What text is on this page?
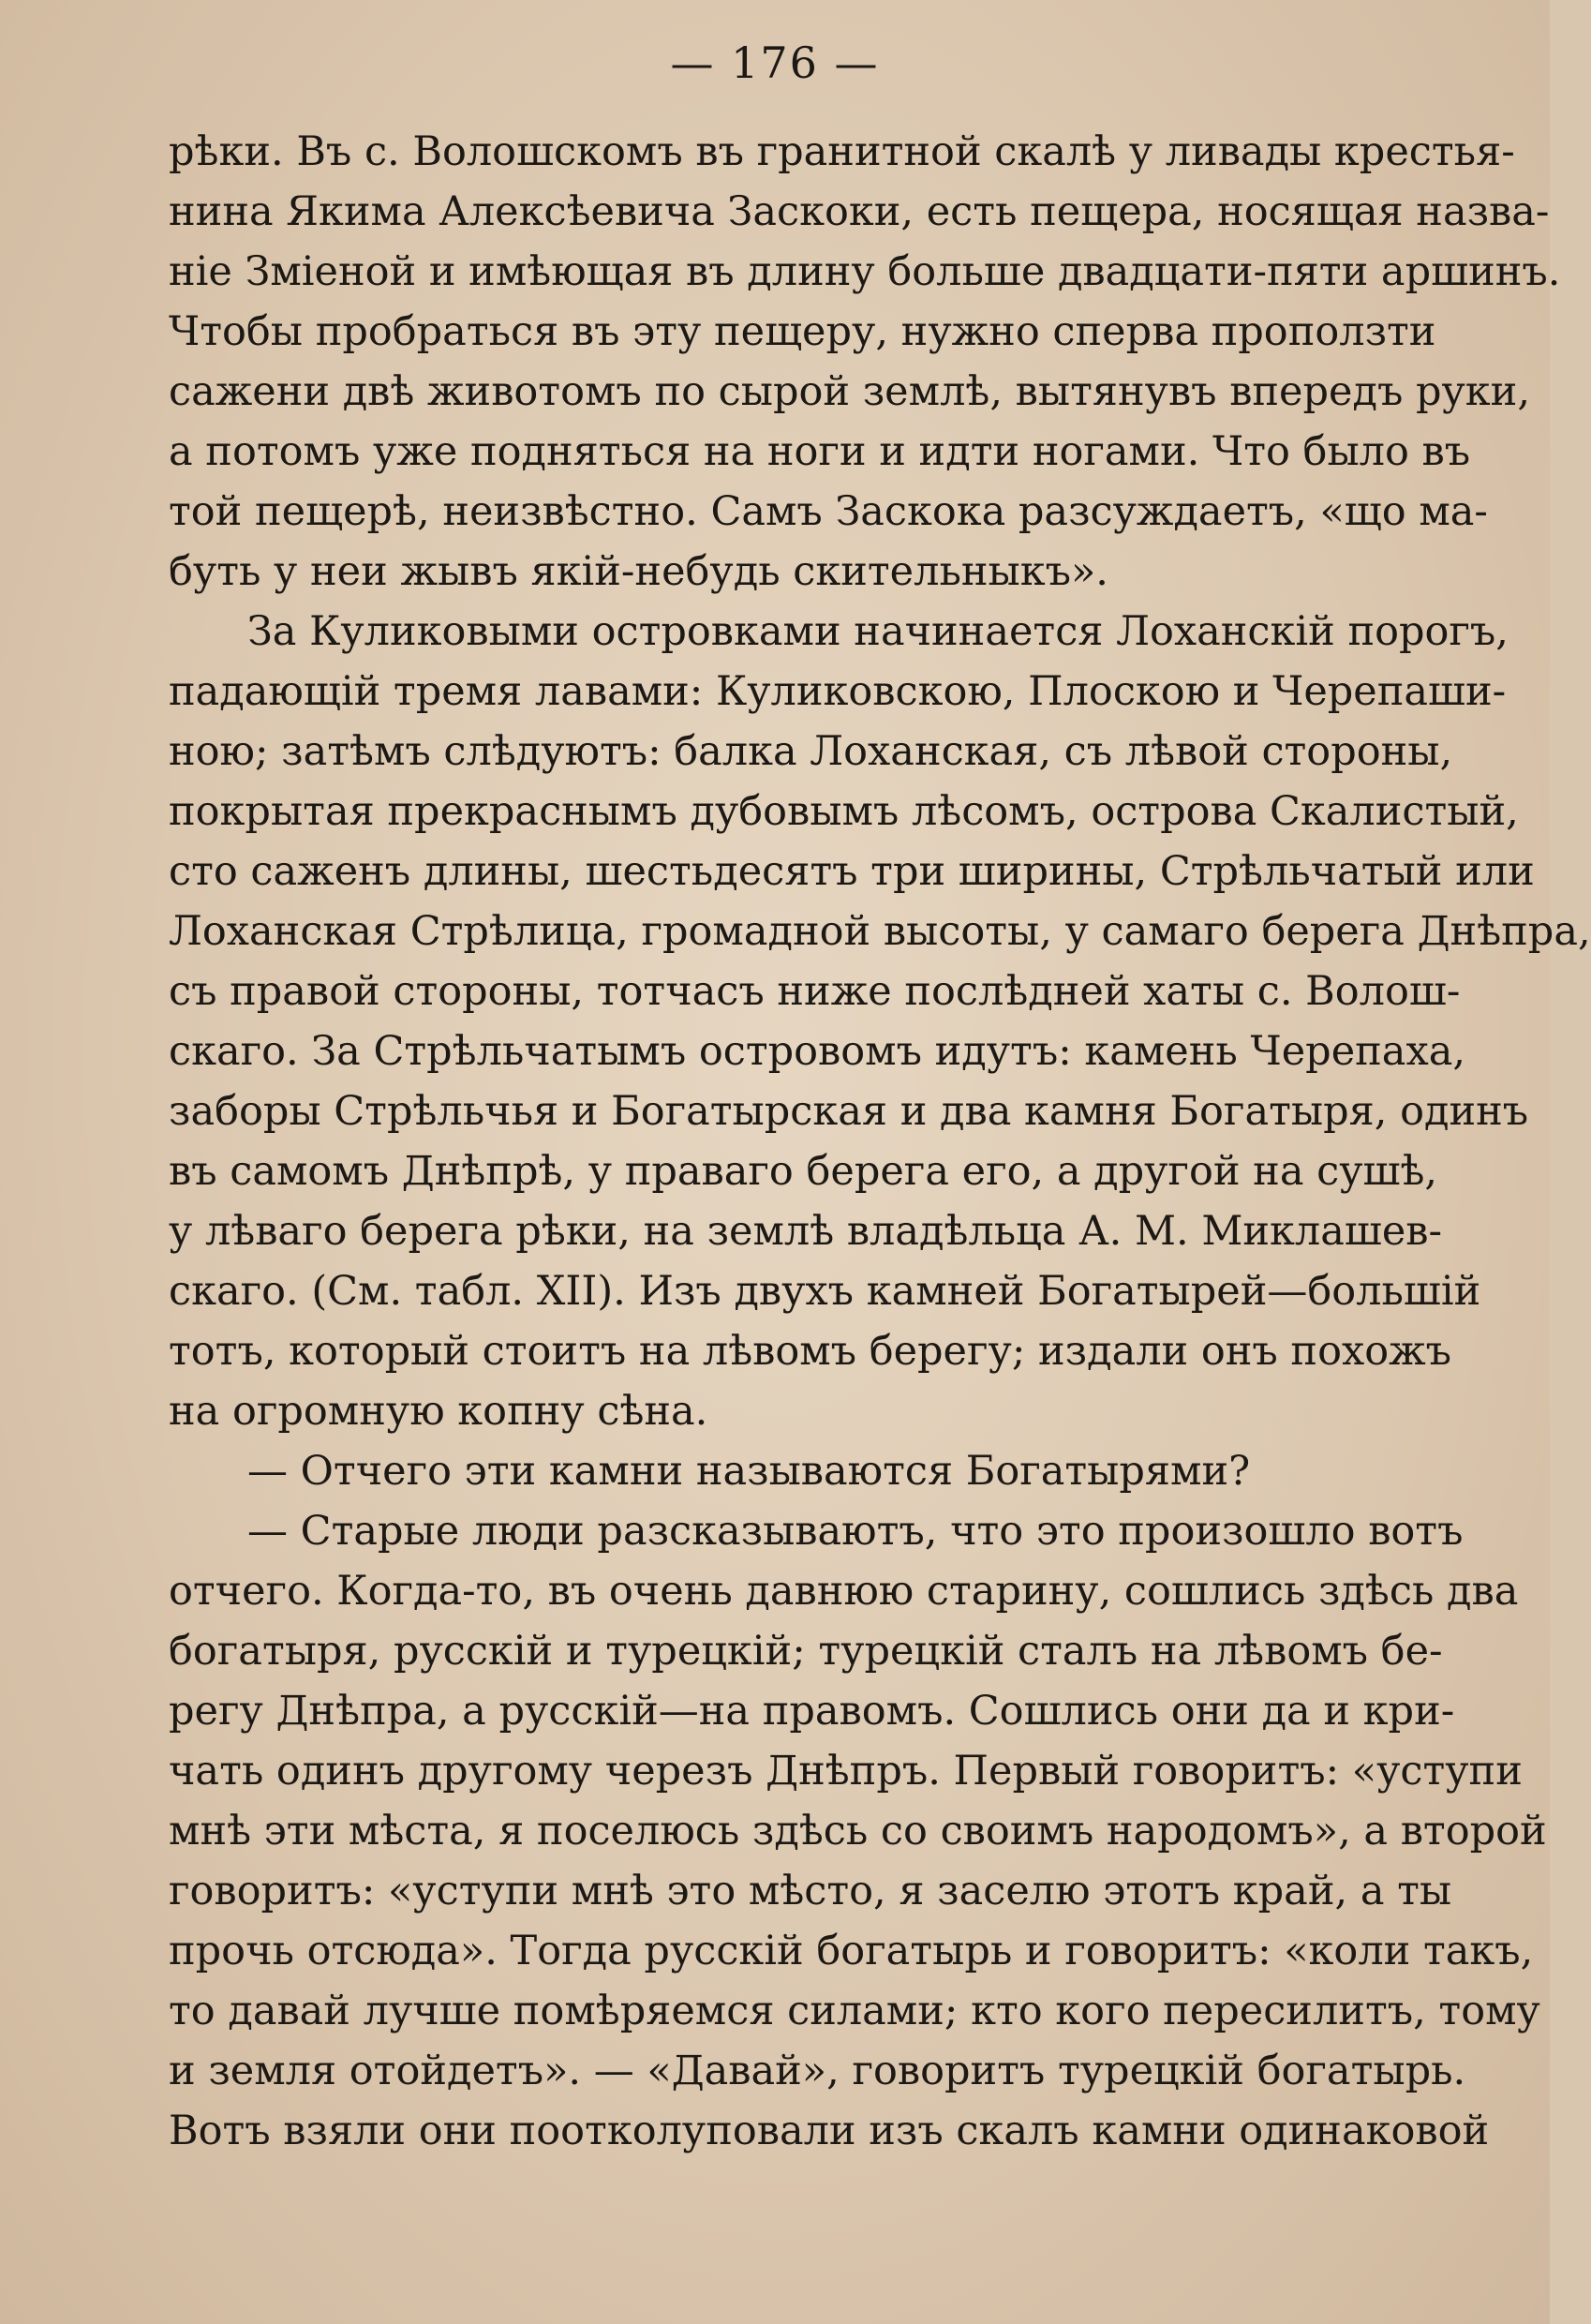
— 176 —
рѣки. Въ с. Волошскомъ въ гранитной скалѣ у ливады крестья-
нина Якима Алексѣевича Заскоки, есть пещера, носящая назва-
ніе Зміеной и имѣющая въ длину больше двадцати-пяти аршинъ.
Чтобы пробраться въ эту пещеру, нужно сперва проползти
сажени двѣ животомъ по сырой землѣ, вытянувъ впередъ руки,
а потомъ уже подняться на ноги и идти ногами. Что было въ
той пещерѣ, неизвѣстно. Самъ Заскока разсуждаетъ, «що ма-
буть у неи жывъ якій-небудь скительныкъ».
За Куликовыми островками начинается Лоханскій порогъ,
падающій тремя лавами: Куликовскою, Плоскою и Черепаши-
ною; затѣмъ слѣдуютъ: балка Лоханская, съ лѣвой стороны,
покрытая прекраснымъ дубовымъ лѣсомъ, острова Скалистый,
сто саженъ длины, шестьдесятъ три ширины, Стрѣльчатый или
Лоханская Стрѣлица, громадной высоты, у самаго берега Днѣпра,
съ правой стороны, тотчасъ ниже послѣдней хаты с. Волош-
скаго. За Стрѣльчатымъ островомъ идутъ: камень Черепаха,
заборы Стрѣльчья и Богатырская и два камня Богатыря, одинъ
въ самомъ Днѣпрѣ, у праваго берега его, а другой на сушѣ,
у лѣваго берега рѣки, на землѣ владѣльца А. М. Миклашев-
скаго. (См. табл. XII). Изъ двухъ камней Богатырей—большій
тотъ, который стоитъ на лѣвомъ берегу; издали онъ похожъ
на огромную копну сѣна.
— Отчего эти камни называются Богатырями?
— Старые люди разсказываютъ, что это произошло вотъ
отчего. Когда-то, въ очень давнюю старину, сошлись здѣсь два
богатыря, русскій и турецкій; турецкій сталъ на лѣвомъ бе-
регу Днѣпра, а русскій—на правомъ. Сошлись они да и кри-
чать одинъ другому черезъ Днѣпръ. Первый говоритъ: «уступи
мнѣ эти мѣста, я поселюсь здѣсь со своимъ народомъ», а второй
говоритъ: «уступи мнѣ это мѣсто, я заселю этотъ край, а ты
прочь отсюда». Тогда русскій богатырь и говоритъ: «коли такъ,
то давай лучше помѣряемся силами; кто кого пересилитъ, тому
и земля отойдетъ». — «Давай», говоритъ турецкій богатырь.
Вотъ взяли они поотколуповали изъ скалъ камни одинаковой
